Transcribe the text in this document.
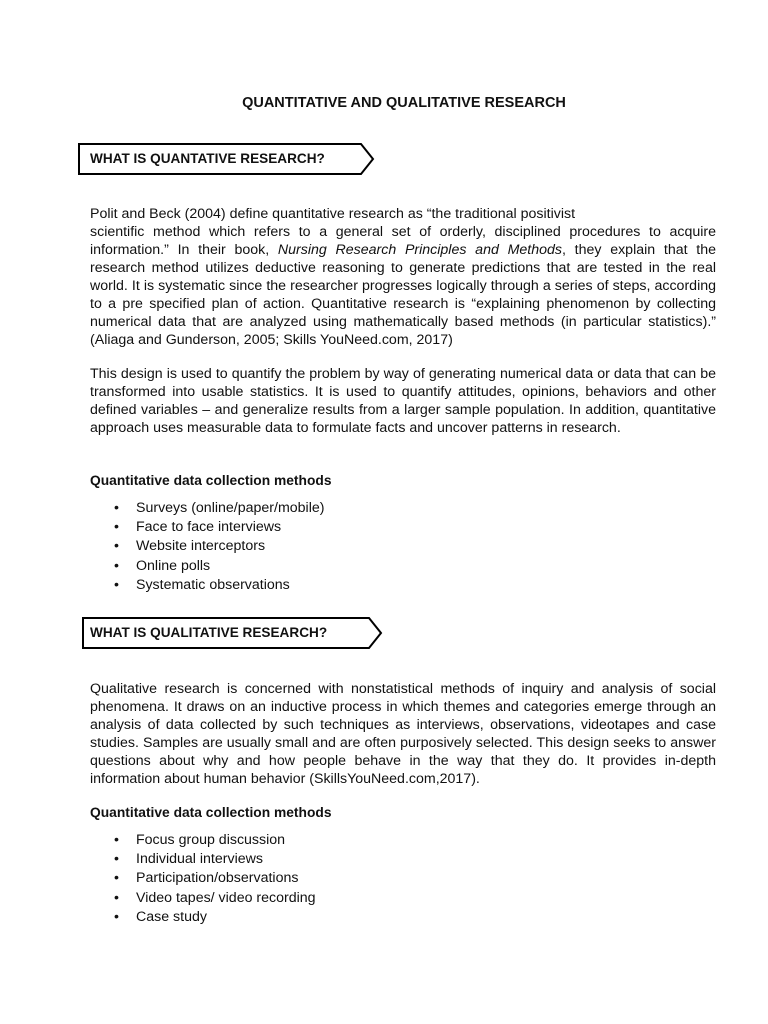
QUANTITATIVE AND QUALITATIVE RESEARCH
WHAT IS QUANTATIVE RESEARCH?

Polit and Beck (2004) define quantitative research as “the traditional positivist

scientific method which refers to a general set of orderly, disciplined procedures to acquire information.” In their book, Nursing Research Principles and Methods, they explain that the research method utilizes deductive reasoning to generate predictions that are tested in the real world. It is systematic since the researcher progresses logically through a series of steps, according to a pre specified plan of action. Quantitative research is “explaining phenomenon by collecting numerical data that are analyzed using mathematically based methods (in particular statistics).” (Aliaga and Gunderson, 2005; Skills YouNeed.com, 2017)

This design is used to quantify the problem by way of generating numerical data or data that can be transformed into usable statistics. It is used to quantify attitudes, opinions, behaviors and other defined variables – and generalize results from a larger sample population. In addition, quantitative approach uses measurable data to formulate facts and uncover patterns in research.

Quantitative data collection methods

• Surveys (online/paper/mobile)
• Face to face interviews
• Website interceptors
• Online polls
• Systematic observations
WHAT IS QUALITATIVE RESEARCH?

Qualitative research is concerned with nonstatistical methods of inquiry and analysis of social phenomena. It draws on an inductive process in which themes and categories emerge through an analysis of data collected by such techniques as interviews, observations, videotapes and case studies. Samples are usually small and are often purposively selected. This design seeks to answer questions about why and how people behave in the way that they do. It provides in-depth information about human behavior (SkillsYouNeed.com,2017).

Quantitative data collection methods

• Focus group discussion
• Individual interviews
• Participation/observations
• Video tapes/ video recording
• Case study
